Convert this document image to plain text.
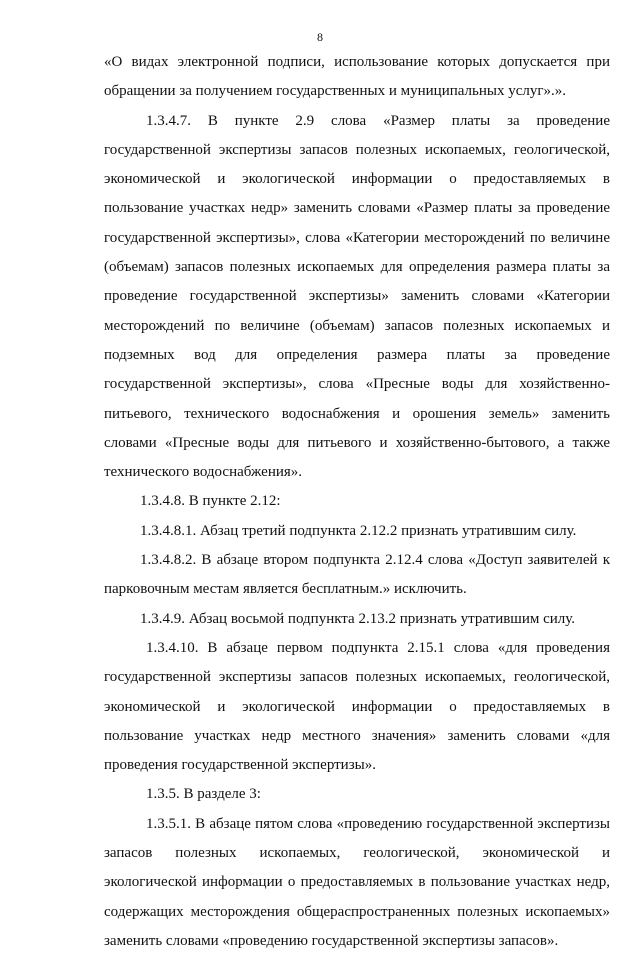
8

«О видах электронной подписи, использование которых допускается при обращении за получением государственных и муниципальных услуг».».

1.3.4.7. В пункте 2.9 слова «Размер платы за проведение государственной экспертизы запасов полезных ископаемых, геологической, экономической и экологической информации о предоставляемых в пользование участках недр» заменить словами «Размер платы за проведение государственной экспертизы», слова «Категории месторождений по величине (объемам) запасов полезных ископаемых для определения размера платы за проведение государственной экспертизы» заменить словами «Категории месторождений по величине (объемам) запасов полезных ископаемых и подземных вод для определения размера платы за проведение государственной экспертизы», слова «Пресные воды для хозяйственно-питьевого, технического водоснабжения и орошения земель» заменить словами «Пресные воды для питьевого и хозяйственно-бытового, а также технического водоснабжения».

1.3.4.8. В пункте 2.12:

1.3.4.8.1. Абзац третий подпункта 2.12.2 признать утратившим силу.

1.3.4.8.2. В абзаце втором подпункта 2.12.4 слова «Доступ заявителей к парковочным местам является бесплатным.» исключить.

1.3.4.9. Абзац восьмой подпункта 2.13.2 признать утратившим силу.

1.3.4.10. В абзаце первом подпункта 2.15.1 слова «для проведения государственной экспертизы запасов полезных ископаемых, геологической, экономической и экологической информации о предоставляемых в пользование участках недр местного значения» заменить словами «для проведения государственной экспертизы».

1.3.5. В разделе 3:

1.3.5.1. В абзаце пятом слова «проведению государственной экспертизы запасов полезных ископаемых, геологической, экономической и экологической информации о предоставляемых в пользование участках недр, содержащих месторождения общераспространенных полезных ископаемых» заменить словами «проведению государственной экспертизы запасов».
